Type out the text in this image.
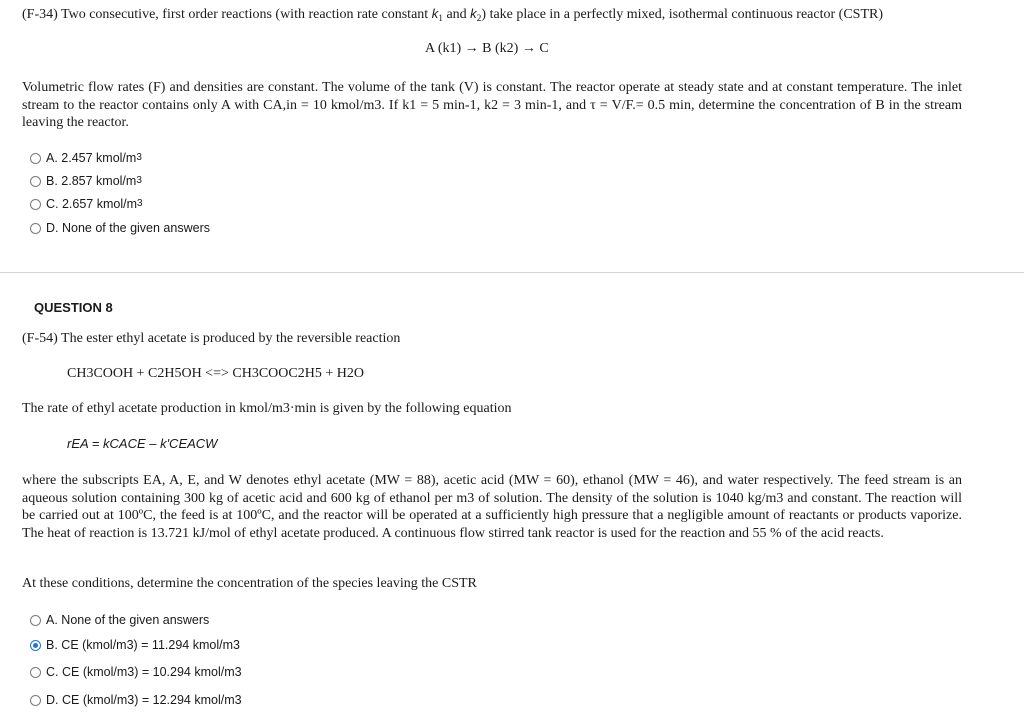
(F-34) Two consecutive, first order reactions (with reaction rate constant $k_1$ and $k_2$) take place in a perfectly mixed, isothermal continuous reactor (CSTR)
A (k1) → B (k2) → C
Volumetric flow rates (F) and densities are constant. The volume of the tank (V) is constant. The reactor operate at steady state and at constant temperature. The inlet stream to the reactor contains only A with CA,in = 10 kmol/m3. If k1 = 5 min-1, k2 = 3 min-1, and τ = V/F.= 0.5 min, determine the concentration of B in the stream leaving the reactor.
A. 2.457 kmol/m 3
B. 2.857 kmol/m 3
C. 2.657 kmol/m 3
D. None of the given answers
QUESTION 8
(F-54) The ester ethyl acetate is produced by the reversible reaction
CH3COOH + C2H5OH <=> CH3COOC2H5 + H2O
The rate of ethyl acetate production in kmol/m3·min is given by the following equation
rEA = kCACE – k'CEACW
where the subscripts EA, A, E, and W denotes ethyl acetate (MW = 88), acetic acid (MW = 60), ethanol (MW = 46), and water respectively. The feed stream is an aqueous solution containing 300 kg of acetic acid and 600 kg of ethanol per m3 of solution. The density of the solution is 1040 kg/m3 and constant. The reaction will be carried out at 100ºC, the feed is at 100ºC, and the reactor will be operated at a sufficiently high pressure that a negligible amount of reactants or products vaporize. The heat of reaction is 13.721 kJ/mol of ethyl acetate produced. A continuous flow stirred tank reactor is used for the reaction and 55 % of the acid reacts.
At these conditions, determine the concentration of the species leaving the CSTR
A.
None of the given answers
B.
CE (kmol/m3) = 11.294 kmol/m3
C.
CE (kmol/m3) = 10.294 kmol/m3
D.
CE (kmol/m3) = 12.294 kmol/m3
